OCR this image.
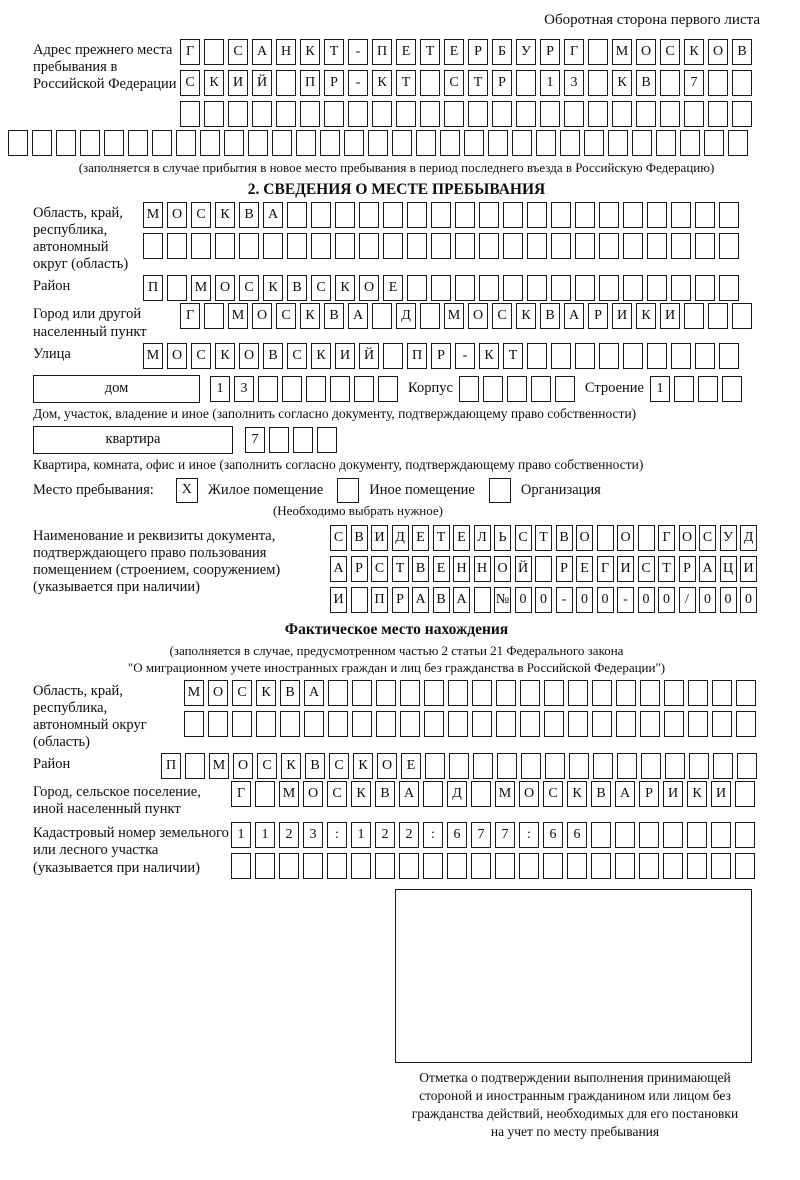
Оборотная сторона первого листа
Адрес прежнего места пребывания в Российской Федерации
Г	С	А Н	К	Т	-	П	Е	Т	Е	Р	Б	У	Р	Г	М О	С	К	О	В
С	К	И Й	П	Р	-	К	Т	С	Т	Р	1	3	К	В	7
(заполняется в случае прибытия в новое место пребывания в период последнего въезда в Российскую Федерацию)
2. СВЕДЕНИЯ О МЕСТЕ ПРЕБЫВАНИЯ
Область, край, республика, автономный округ (область)
М О	С	К	В	А
Район	П	М О	С	К	В	С	К	О	Е
Город или другой населенный пункт
Г	М О	С	К	В	А	Д	М О	С	К	В	А	Р	И	К	И
Улица	М О	С	К	О	В	С	К	И Й	П	Р	-	К	Т
дом	1	3	Корпус	Строение 1
Дом, участок, владение и иное (заполнить согласно документу, подтверждающему право собственности)
квартира	7
Квартира, комната, офис и иное (заполнить согласно документу, подтверждающему право собственности)
Место пребывания:	X	Жилое помещение	Иное помещение	Организация
(Необходимо выбрать нужное)
Наименование и реквизиты документа, подтверждающего право пользования помещением (строением, сооружением) (указывается при наличии)
С В И Д Е Т Е Л Ь С Т В О О	Г О С У Д
А Р С Т В Е Н Н О Й	Р Е Г И С Т Р А Ц И
И П Р А В А № 0 0	-	0 0	-	0 0	/	0 0 0
Фактическое место нахождения
(заполняется в случае, предусмотренном частью 2 статьи 21 Федерального закона
"О миграционном учете иностранных граждан и лиц без гражданства в Российской Федерации")
Область, край, республика, автономный округ (область)
М О	С	К	В	А
Район	П	М О	С	К	В	С	К	О	Е
Город, сельское поселение, иной населенный пункт
Г	М О	С	К	В	А	Д	М О	С	К	В	А	Р	И	К	И
Кадастровый номер земельного или лесного участка (указывается при наличии)
1	1	2	3	:	1	2	2	:	6	7	7	:	6	6
Отметка о подтверждении выполнения принимающей
стороной и иностранным гражданином или лицом без
гражданства действий, необходимых для его постановки
на учет по месту пребывания
